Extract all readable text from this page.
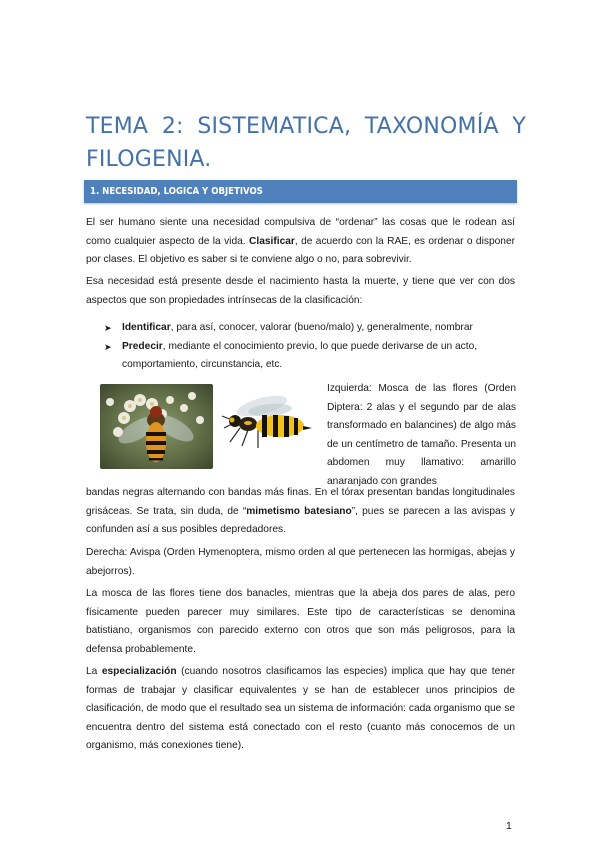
TEMA 2: SISTEMATICA, TAXONOMÍA Y FILOGENIA.
1. NECESIDAD, LOGICA Y OBJETIVOS
El ser humano siente una necesidad compulsiva de “ordenar” las cosas que le rodean así como cualquier aspecto de la vida. Clasificar, de acuerdo con la RAE, es ordenar o disponer por clases. El objetivo es saber si te conviene algo o no, para sobrevivir.
Esa necesidad está presente desde el nacimiento hasta la muerte, y tiene que ver con dos aspectos que son propiedades intrínsecas de la clasificación:
➤ Identificar, para así, conocer, valorar (bueno/malo) y, generalmente, nombrar
➤ Predecir, mediante el conocimiento previo, lo que puede derivarse de un acto, comportamiento, circunstancia, etc.
Izquierda: Mosca de las flores (Orden Diptera: 2 alas y el segundo par de alas transformado en balancines) de algo más de un centímetro de tamaño. Presenta un abdomen muy llamativo: amarillo anaranjado con grandes
bandas negras alternando con bandas más finas. En el tórax presentan bandas longitudinales grisáceas. Se trata, sin duda, de “mimetismo batesiano”, pues se parecen a las avispas y confunden así a sus posibles depredadores.
Derecha: Avispa (Orden Hymenoptera, mismo orden al que pertenecen las hormigas, abejas y abejorros).
La mosca de las flores tiene dos banacles, mientras que la abeja dos pares de alas, pero físicamente pueden parecer muy similares. Este tipo de características se denomina batistiano, organismos con parecido externo con otros que son más peligrosos, para la defensa probablemente.
La especialización (cuando nosotros clasificamos las especies) implica que hay que tener formas de trabajar y clasificar equivalentes y se han de establecer unos principios de clasificación, de modo que el resultado sea un sistema de información: cada organismo que se encuentra dentro del sistema está conectado con el resto (cuanto más conocemos de un organismo, más conexiones tiene).
1
